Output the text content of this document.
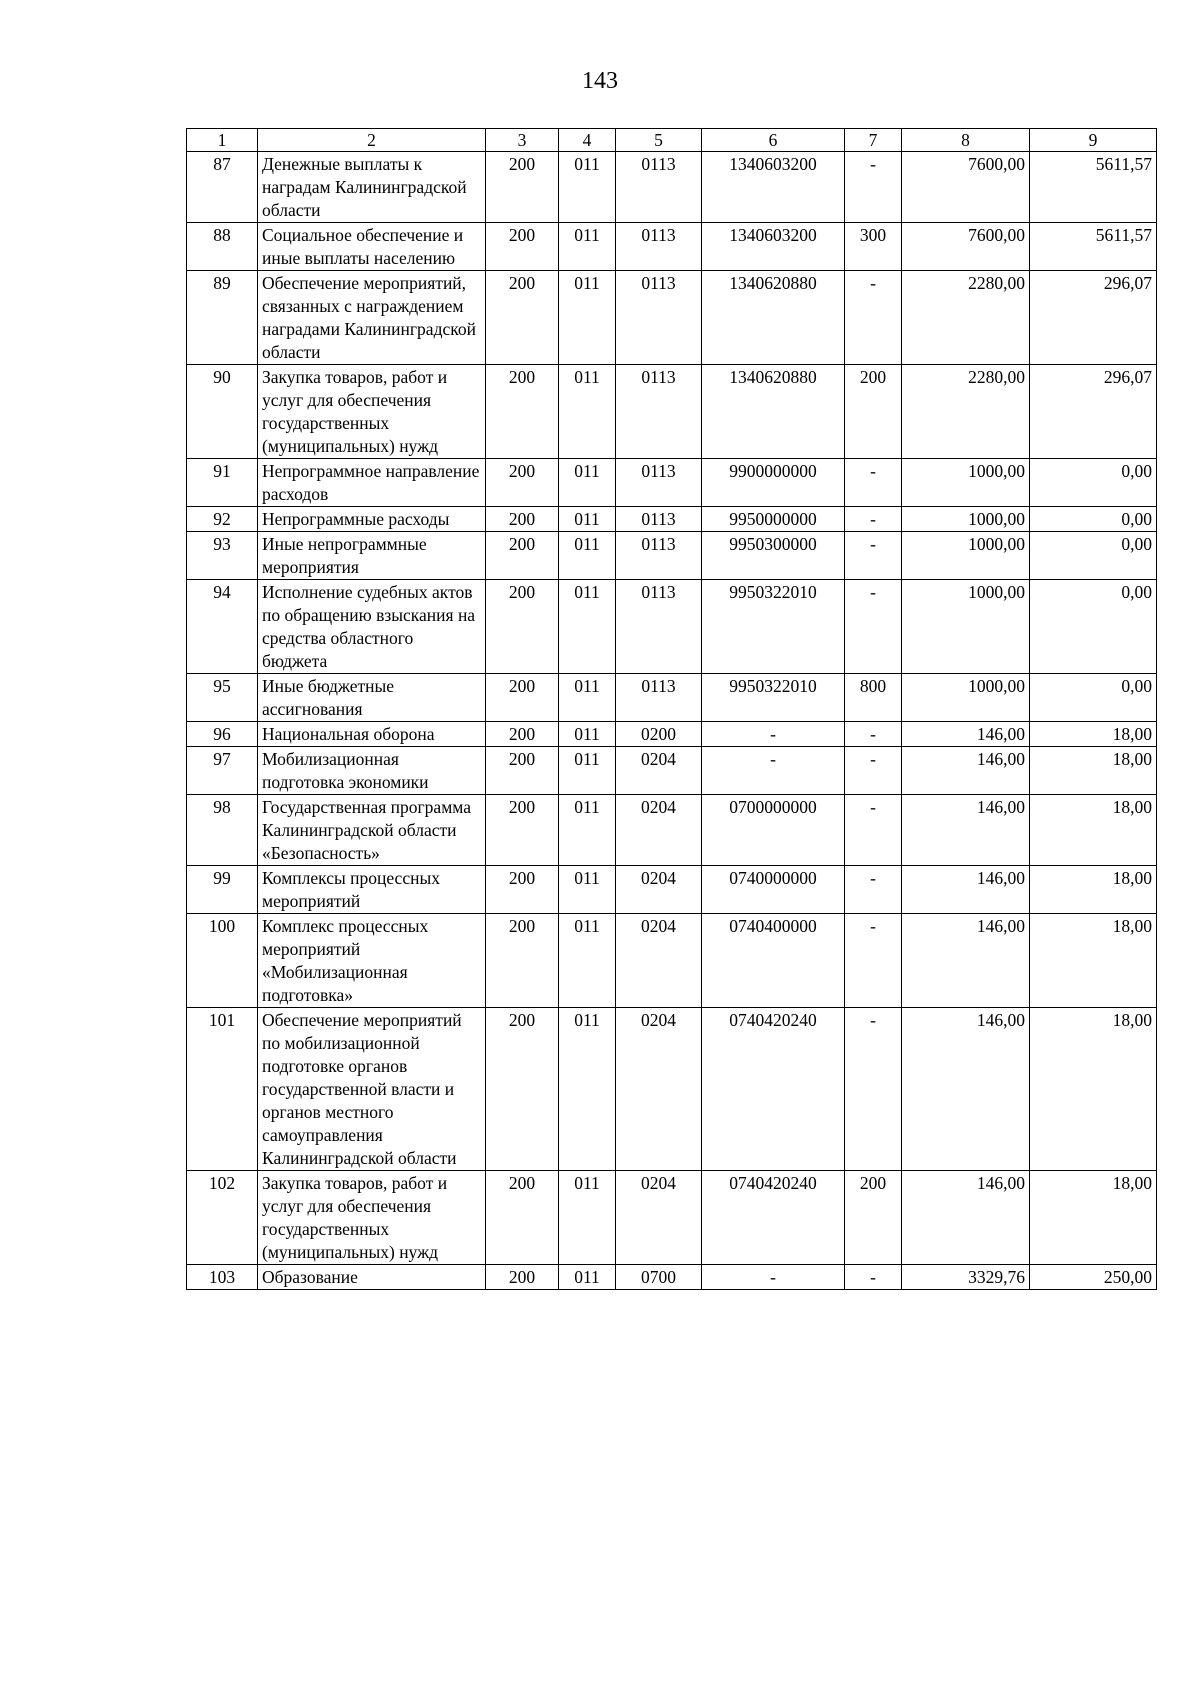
143
1	2	3	4	5	6	7	8	9
87	Денежные выплаты к наградам Калининградской области	200	011	0113	1340603200	-	7600,00	5611,57
88	Социальное обеспечение и иные выплаты населению	200	011	0113	1340603200	300	7600,00	5611,57
89	Обеспечение мероприятий, связанных с награждением наградами Калининградской области	200	011	0113	1340620880	-	2280,00	296,07
90	Закупка товаров, работ и услуг для обеспечения государственных (муниципальных) нужд	200	011	0113	1340620880	200	2280,00	296,07
91	Непрограммное направление расходов	200	011	0113	9900000000	-	1000,00	0,00
92	Непрограммные расходы	200	011	0113	9950000000	-	1000,00	0,00
93	Иные непрограммные мероприятия	200	011	0113	9950300000	-	1000,00	0,00
94	Исполнение судебных актов по обращению взыскания на средства областного бюджета	200	011	0113	9950322010	-	1000,00	0,00
95	Иные бюджетные ассигнования	200	011	0113	9950322010	800	1000,00	0,00
96	Национальная оборона	200	011	0200	-	-	146,00	18,00
97	Мобилизационная подготовка экономики	200	011	0204	-	-	146,00	18,00
98	Государственная программа Калининградской области «Безопасность»	200	011	0204	0700000000	-	146,00	18,00
99	Комплексы процессных мероприятий	200	011	0204	0740000000	-	146,00	18,00
100	Комплекс процессных мероприятий «Мобилизационная подготовка»	200	011	0204	0740400000	-	146,00	18,00
101	Обеспечение мероприятий по мобилизационной подготовке органов государственной власти и органов местного самоуправления Калининградской области	200	011	0204	0740420240	-	146,00	18,00
102	Закупка товаров, работ и услуг для обеспечения государственных (муниципальных) нужд	200	011	0204	0740420240	200	146,00	18,00
103	Образование	200	011	0700	-	-	3329,76	250,00
